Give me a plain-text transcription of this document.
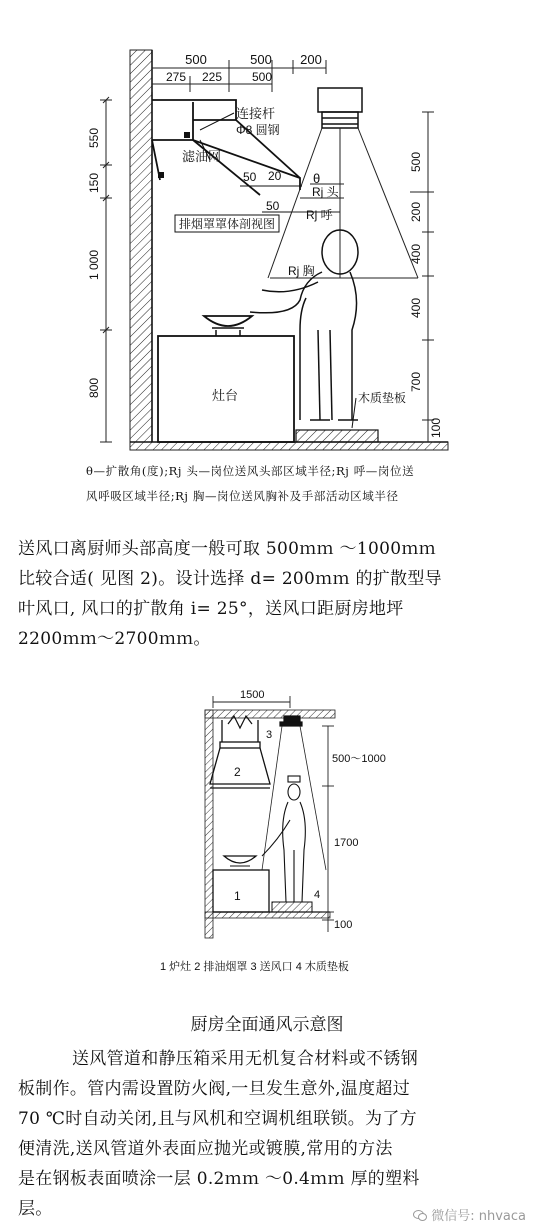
550
150
1 000
800
500	500 200
275 225 500
连接杆
Φ8 圆钢
滤油网
50 20
50
排烟罩罩体剖视图
θ
Rj 头
Rj 呼
Rj 胸
500
200
400
400
700
100
灶台	木质垫板
θ—扩散角(度);Rj 头—岗位送风头部区域半径;Rj 呼—岗位送
风呼吸区域半径;Rj 胸—岗位送风胸补及手部活动区域半径
送风口离厨师头部高度一般可取 500ｍｍ ～1000ｍｍ
比较合适( 见图 2)。设计选择 d= 200ｍｍ 的扩散型导
叶风口, 风口的扩散角 i= 25°，送风口距厨房地坪
2200ｍｍ～2700ｍｍ。
1500
2
3
500～1000
1700
100
1	4
1 炉灶 2 排油烟罩 3 送风口 4 木质垫板
厨房全面通风示意图
送风管道和静压箱采用无机复合材料或不锈钢
板制作。管内需设置防火阀,一旦发生意外,温度超过
70 ℃时自动关闭,且与风机和空调机组联锁。为了方
便清洗,送风管道外表面应抛光或镀膜,常用的方法
是在钢板表面喷涂一层 0.2ｍｍ ～0.4ｍｍ 厚的塑料
层。	微信号: nhvaca
